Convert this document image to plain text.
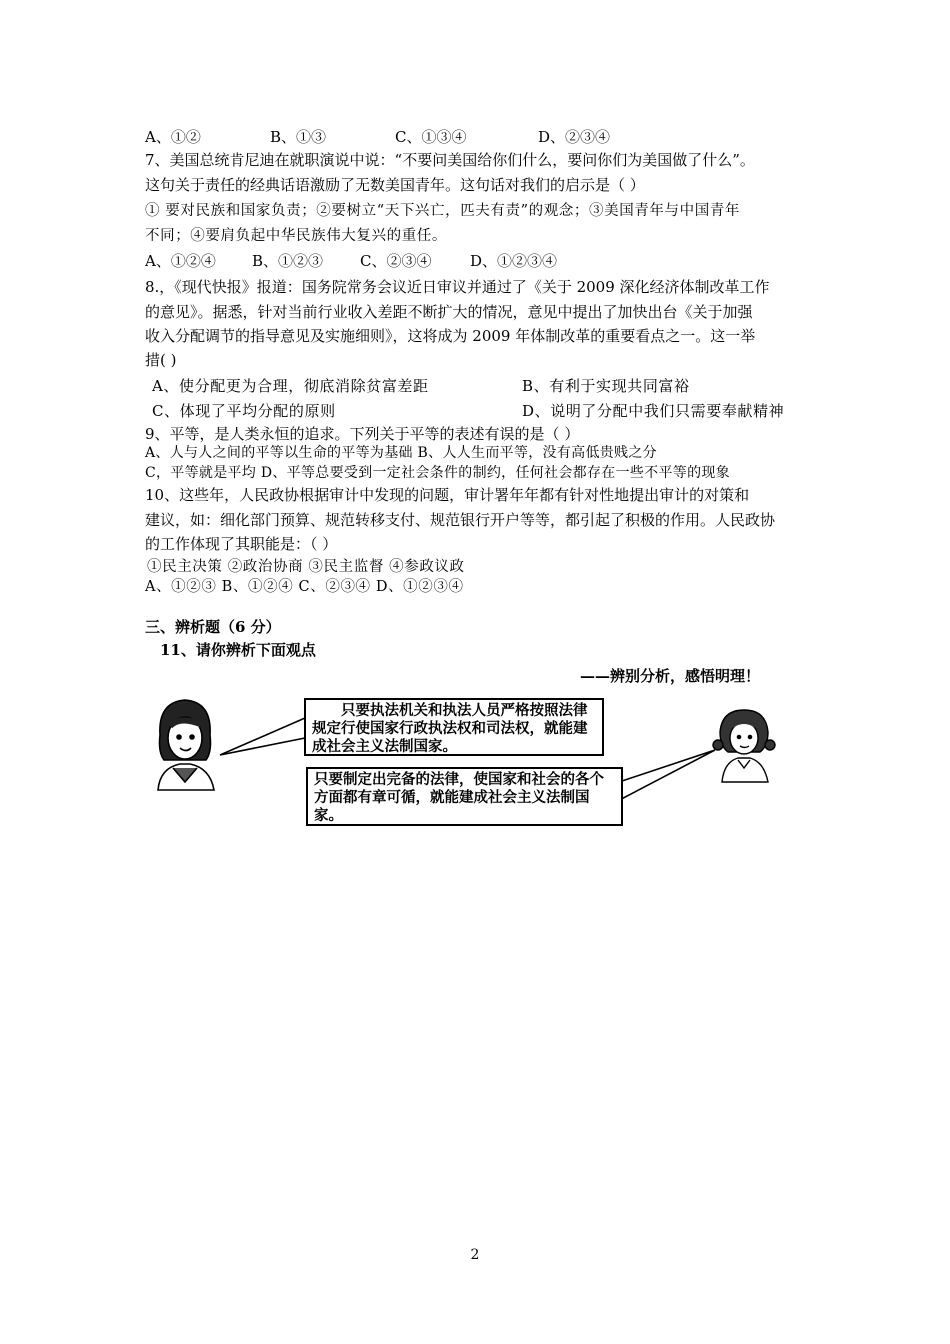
A、①②	B、①③	C、①③④	D、②③④
7、美国总统肯尼迪在就职演说中说：“不要问美国给你们什么，要问你们为美国做了什么”。
这句关于责任的经典话语激励了无数美国青年。这句话对我们的启示是（ ）
① 要对民族和国家负责；②要树立“天下兴亡，匹夫有责”的观念；③美国青年与中国青年
不同；④要肩负起中华民族伟大复兴的重任。
A、①②④ B、①②③ C、②③④	D、①②③④
8.，《现代快报》报道：国务院常务会议近日审议并通过了《关于 2009 深化经济体制改革工作
的意见》。据悉，针对当前行业收入差距不断扩大的情况，意见中提出了加快出台《关于加强
收入分配调节的指导意见及实施细则》，这将成为 2009 年体制改革的重要看点之一。这一举
措( )
A、使分配更为合理，彻底消除贫富差距	B、有利于实现共同富裕
C、体现了平均分配的原则	D、说明了分配中我们只需要奉献精神
9、平等，是人类永恒的追求。下列关于平等的表述有误的是（ ）
A、人与人之间的平等以生命的平等为基础 B、人人生而平等，没有高低贵贱之分
C，平等就是平均 D、平等总要受到一定社会条件的制约，任何社会都存在一些不平等的现象
10、这些年，人民政协根据审计中发现的问题，审计署年年都有针对性地提出审计的对策和
建议，如：细化部门预算、规范转移支付、规范银行开户等等，都引起了积极的作用。人民政协
的工作体现了其职能是：（ ）
①民主决策 ②政治协商 ③民主监督 ④参政议政
A、①②③ B、①②④ C、②③④ D、①②③④
三、辨析题（6 分）
11、请你辨析下面观点
——辨别分析，感悟明理！
只要执法机关和执法人员严格按照法律规定行使国家行政执法权和司法权，就能建成社会主义法制国家。
只要制定出完备的法律，使国家和社会的各个方面都有章可循，就能建成社会主义法制国家。
2
